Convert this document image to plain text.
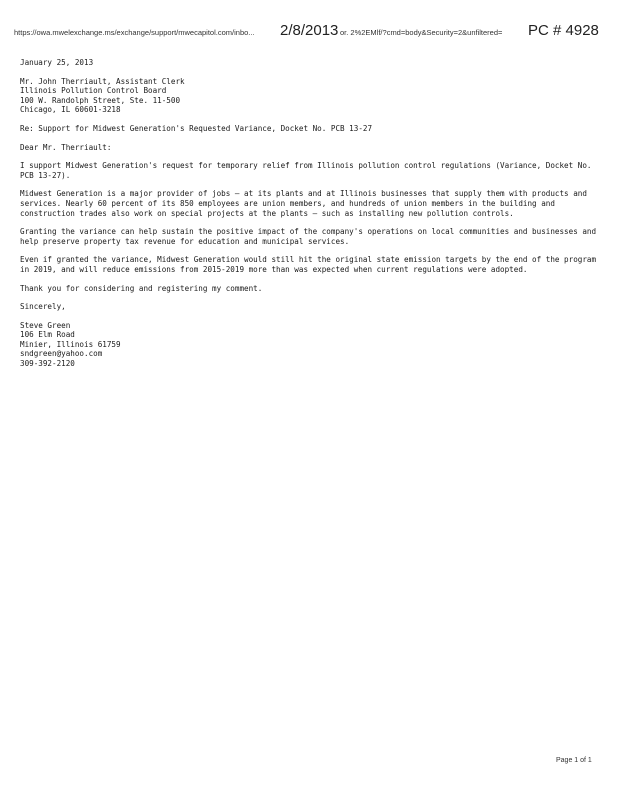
https://owa.mwelexchange.ms/exchange/support/mwecapitol.com/inbo... 2/8/2013 or. 2%2EMlf/?cmd=body&Security=2&unfiltered= PC # 4928
January 25, 2013
Mr. John Therriault, Assistant Clerk
Illinois Pollution Control Board
100 W. Randolph Street, Ste. 11-500
Chicago, IL 60601-3218
Re: Support for Midwest Generation's Requested Variance, Docket No. PCB 13-27
Dear Mr. Therriault:

I support Midwest Generation's request for temporary relief from Illinois pollution control regulations (Variance, Docket No. PCB 13-27).

Midwest Generation is a major provider of jobs — at its plants and at Illinois businesses that supply them with products and services. Nearly 60 percent of its 850 employees are union members, and hundreds of union members in the building and construction trades also work on special projects at the plants — such as installing new pollution controls.

Granting the variance can help sustain the positive impact of the company's operations on local communities and businesses and help preserve property tax revenue for education and municipal services.

Even if granted the variance, Midwest Generation would still hit the original state emission targets by the end of the program in 2019, and will reduce emissions from 2015-2019 more than was expected when current regulations were adopted.

Thank you for considering and registering my comment.

Sincerely,
Steve Green
106 Elm Road
Minier, Illinois 61759
sndgreen@yahoo.com
309-392-2120
Page 1 of 1
